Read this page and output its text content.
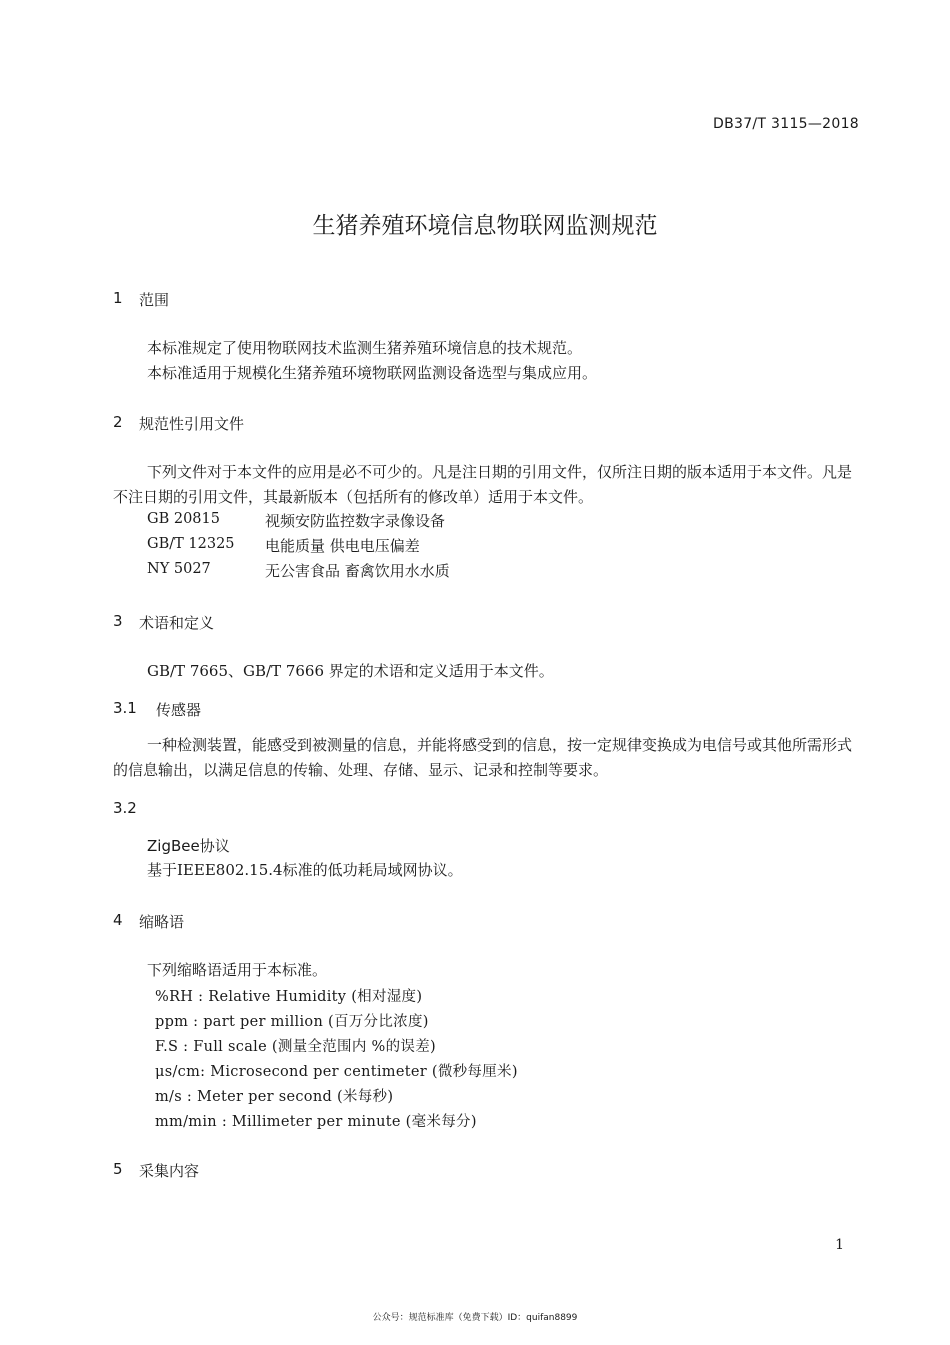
DB37/T 3115—2018
生猪养殖环境信息物联网监测规范
1 范围
本标准规定了使用物联网技术监测生猪养殖环境信息的技术规范。
本标准适用于规模化生猪养殖环境物联网监测设备选型与集成应用。
2 规范性引用文件
下列文件对于本文件的应用是必不可少的。凡是注日期的引用文件，仅所注日期的版本适用于本文件。凡是不注日期的引用文件，其最新版本（包括所有的修改单）适用于本文件。
GB 20815	视频安防监控数字录像设备
GB/T 12325 电能质量 供电电压偏差
NY 5027	无公害食品 畜禽饮用水水质
3 术语和定义
GB/T 7665、GB/T 7666 界定的术语和定义适用于本文件。
3.1 传感器
一种检测装置，能感受到被测量的信息，并能将感受到的信息，按一定规律变换成为电信号或其他所需形式的信息输出，以满足信息的传输、处理、存储、显示、记录和控制等要求。
3.2
ZigBee协议
基于IEEE802.15.4标准的低功耗局域网协议。
4 缩略语
下列缩略语适用于本标准。
%RH : Relative Humidity (相对湿度)
ppm : part per million (百万分比浓度)
F.S : Full scale (测量全范围内 %的误差)
μs/cm: Microsecond per centimeter (微秒每厘米)
m/s : Meter per second (米每秒)
mm/min : Millimeter per minute (毫米每分)
5 采集内容
1
公众号：规范标准库（免费下载）ID：quifan8899
